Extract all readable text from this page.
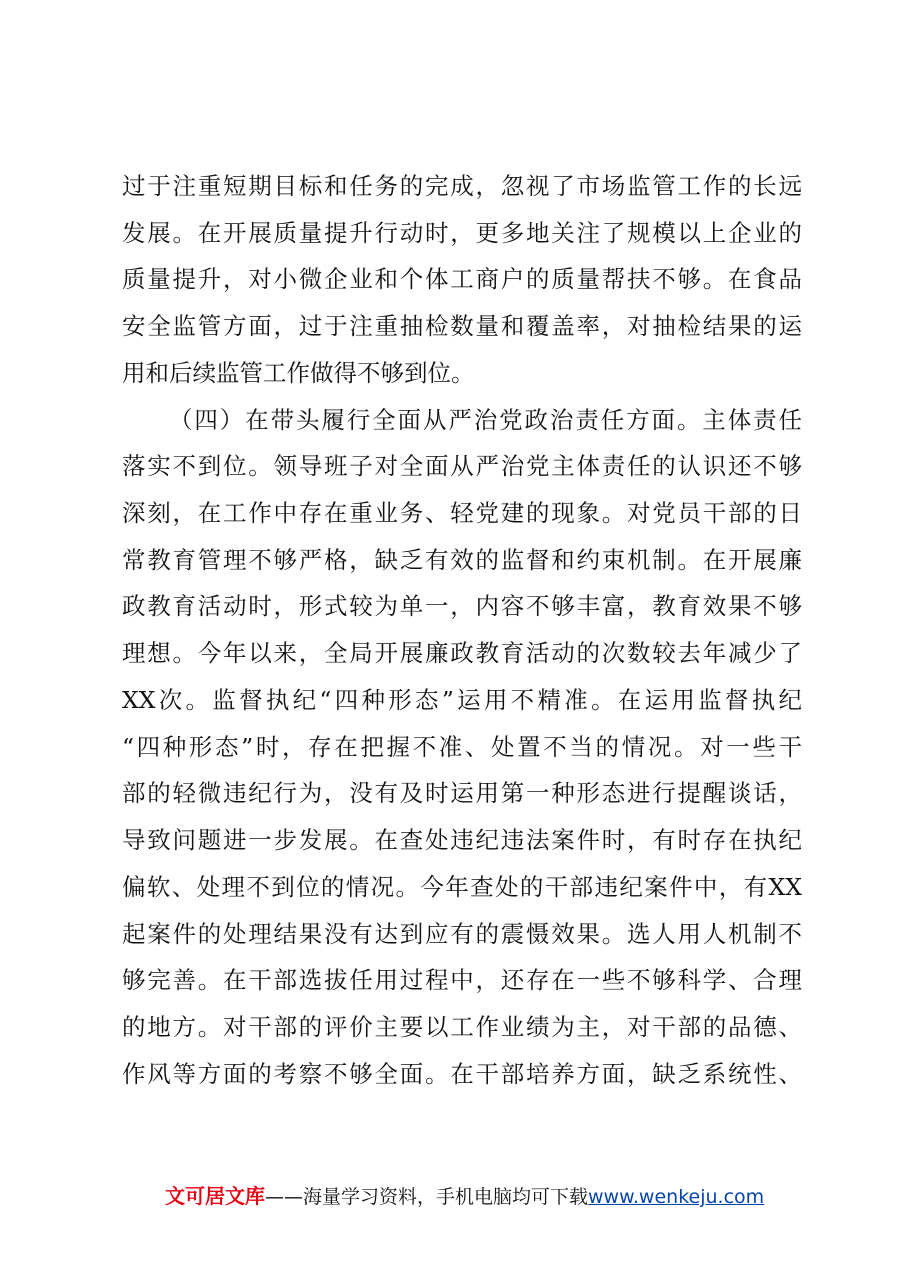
过于注重短期目标和任务的完成，忽视了市场监管工作的长远
发展。在开展质量提升行动时，更多地关注了规模以上企业的
质量提升，对小微企业和个体工商户的质量帮扶不够。在食品
安全监管方面，过于注重抽检数量和覆盖率，对抽检结果的运
用和后续监管工作做得不够到位。
（四）在带头履行全面从严治党政治责任方面。主体责任
落实不到位。领导班子对全面从严治党主体责任的认识还不够
深刻，在工作中存在重业务、轻党建的现象。对党员干部的日
常教育管理不够严格，缺乏有效的监督和约束机制。在开展廉
政教育活动时，形式较为单一，内容不够丰富，教育效果不够
理想。今年以来，全局开展廉政教育活动的次数较去年减少了
XX次。监督执纪“四种形态”运用不精准。在运用监督执纪
“四种形态”时，存在把握不准、处置不当的情况。对一些干
部的轻微违纪行为，没有及时运用第一种形态进行提醒谈话，
导致问题进一步发展。在查处违纪违法案件时，有时存在执纪
偏软、处理不到位的情况。今年查处的干部违纪案件中，有XX
起案件的处理结果没有达到应有的震慑效果。选人用人机制不
够完善。在干部选拔任用过程中，还存在一些不够科学、合理
的地方。对干部的评价主要以工作业绩为主，对干部的品德、
作风等方面的考察不够全面。在干部培养方面，缺乏系统性、
文可居文库——海量学习资料，手机电脑均可下载www.wenkeju.com
